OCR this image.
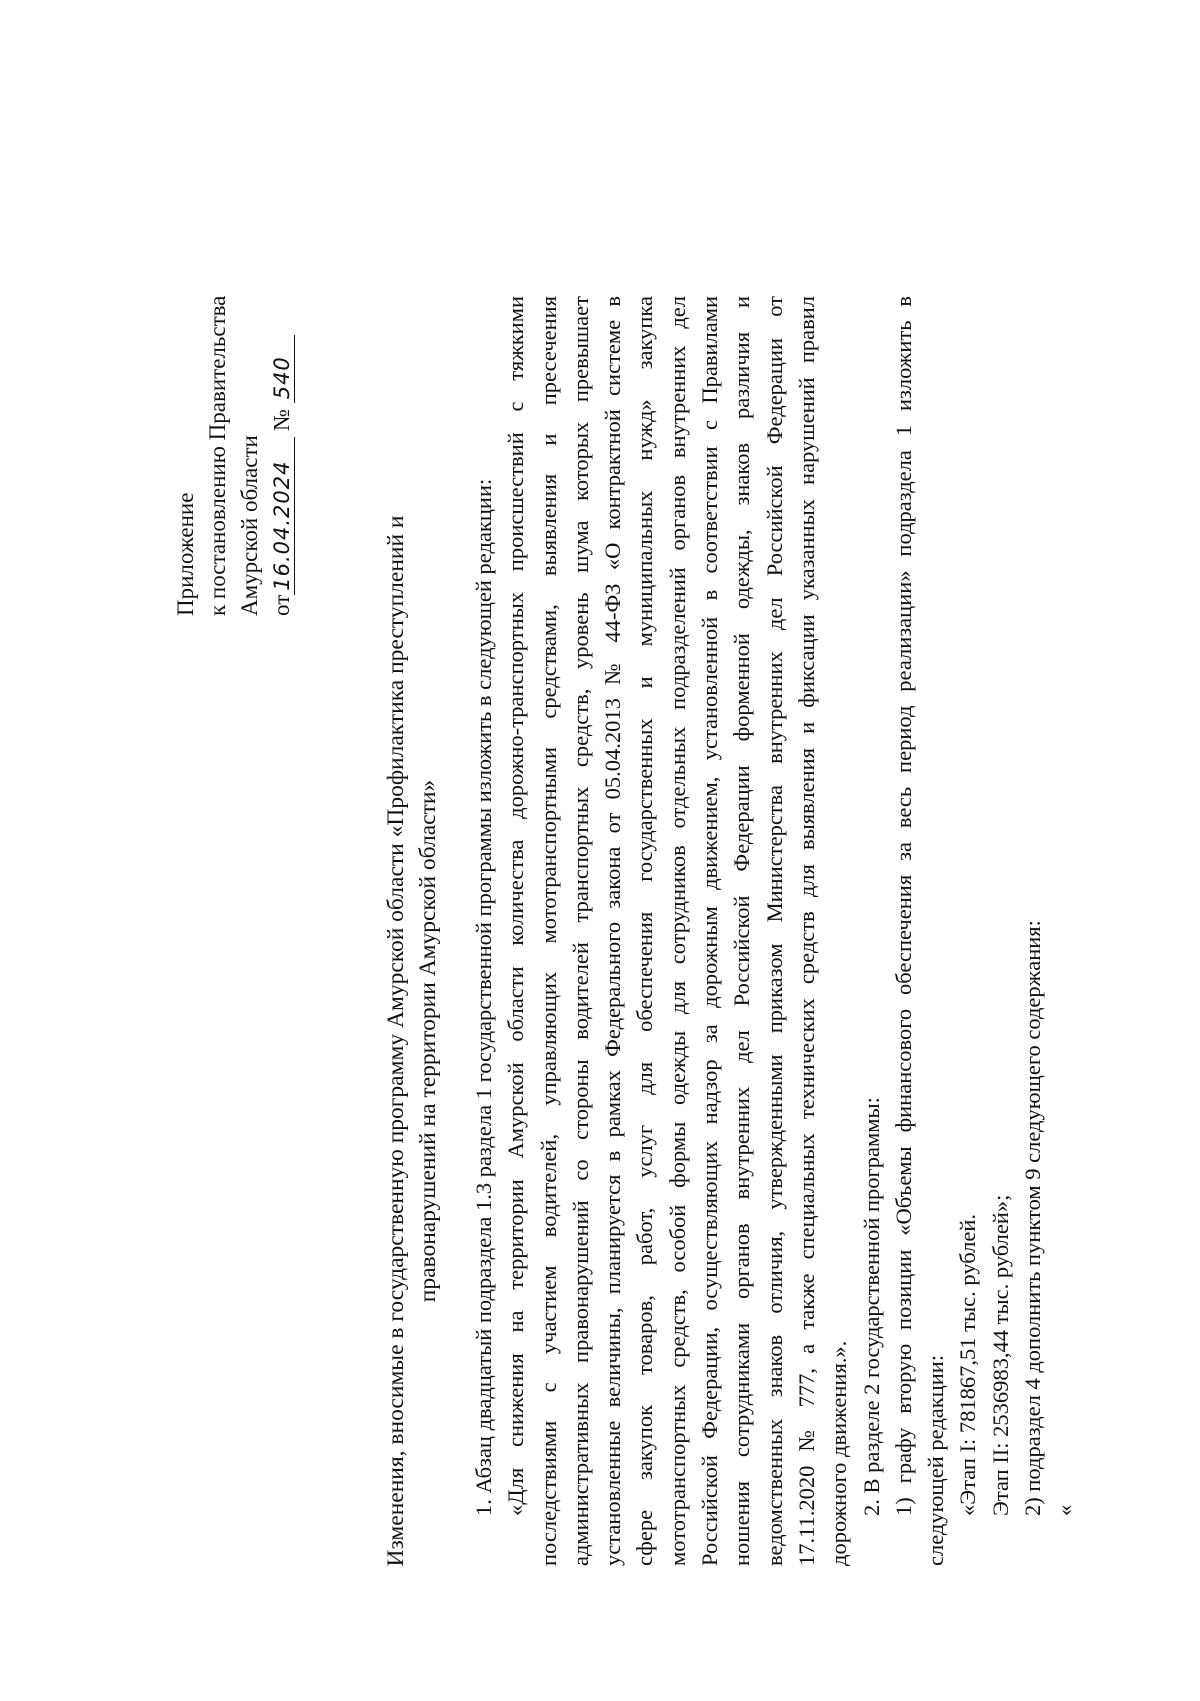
Приложение к постановлению Правительства Амурской области от16.04.2024 № 540
Изменения, вносимые в государственную программу Амурской области «Профилактика преступлений и правонарушений на территории Амурской области» 1. Абзац двадцатый подраздела 1.3 раздела 1 государственной программы изложить в следующей редакции: «Для снижения на территории Амурской области количества дорожно-транспортных происшествий с тяжкими последствиями с участием водителей, управляющих мототранспортными средствами, выявления и пресечения административных правонарушений со стороны водителей транспортных средств, уровень шума которых превышает установленные величины, планируется в рамках Федерального закона от 05.04.2013 № 44-ФЗ «О контрактной системе в сфере закупок товаров, работ, услуг для обеспечения государственных и муниципальных нужд» закупка мототранспортных средств, особой формы одежды для сотрудников отдельных подразделений органов внутренних дел Российской Федерации, осуществляющих надзор за дорожным движением, установленной в соответствии с Правилами ношения сотрудниками органов внутренних дел Российской Федерации форменной одежды, знаков различия и ведомственных знаков отличия, утвержденными приказом Министерства внутренних дел Российской Федерации от 17.11.2020 № 777, а также специальных технических средств для выявления и фиксации указанных нарушений правил дорожного движения.». 2. В разделе 2 государственной программы: 1) графу вторую позиции «Объемы финансового обеспечения за весь период реализации» подраздела 1 изложить в следующей редакции: «Этап I: 781867,51 тыс. рублей. Этап II: 2536983,44 тыс. рублей»; 2) подраздел 4 дополнить пунктом 9 следующего содержания: «
